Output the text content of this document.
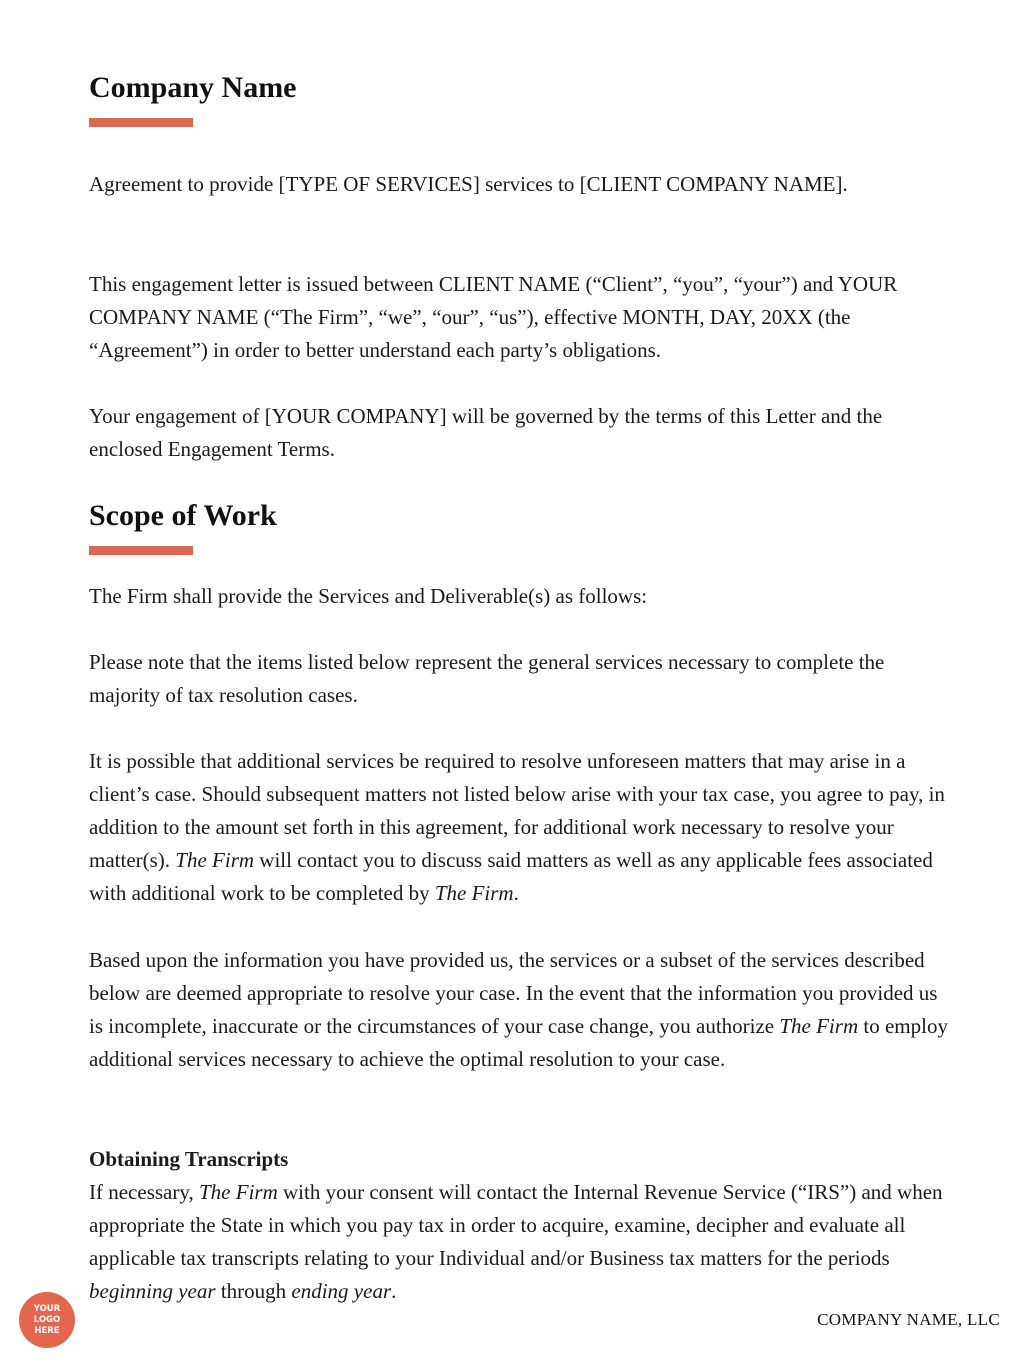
Company Name

Agreement to provide [TYPE OF SERVICES] services to [CLIENT COMPANY NAME].

This engagement letter is issued between CLIENT NAME (“Client”, “you”, “your”) and YOUR COMPANY NAME (“The Firm”, “we”, “our”, “us”), effective MONTH, DAY, 20XX (the “Agreement”) in order to better understand each party’s obligations.

Your engagement of [YOUR COMPANY] will be governed by the terms of this Letter and the enclosed Engagement Terms.

Scope of Work

The Firm shall provide the Services and Deliverable(s) as follows:

Please note that the items listed below represent the general services necessary to complete the majority of tax resolution cases.

It is possible that additional services be required to resolve unforeseen matters that may arise in a client’s case. Should subsequent matters not listed below arise with your tax case, you agree to pay, in addition to the amount set forth in this agreement, for additional work necessary to resolve your matter(s). The Firm will contact you to discuss said matters as well as any applicable fees associated with additional work to be completed by The Firm.

Based upon the information you have provided us, the services or a subset of the services described below are deemed appropriate to resolve your case. In the event that the information you provided us is incomplete, inaccurate or the circumstances of your case change, you authorize The Firm to employ additional services necessary to achieve the optimal resolution to your case.

Obtaining Transcripts

If necessary, The Firm with your consent will contact the Internal Revenue Service (“IRS”) and when appropriate the State in which you pay tax in order to acquire, examine, decipher and evaluate all applicable tax transcripts relating to your Individual and/or Business tax matters for the periods beginning year through ending year.

YOUR
LOGO
HERE
COMPANY NAME, LLC
